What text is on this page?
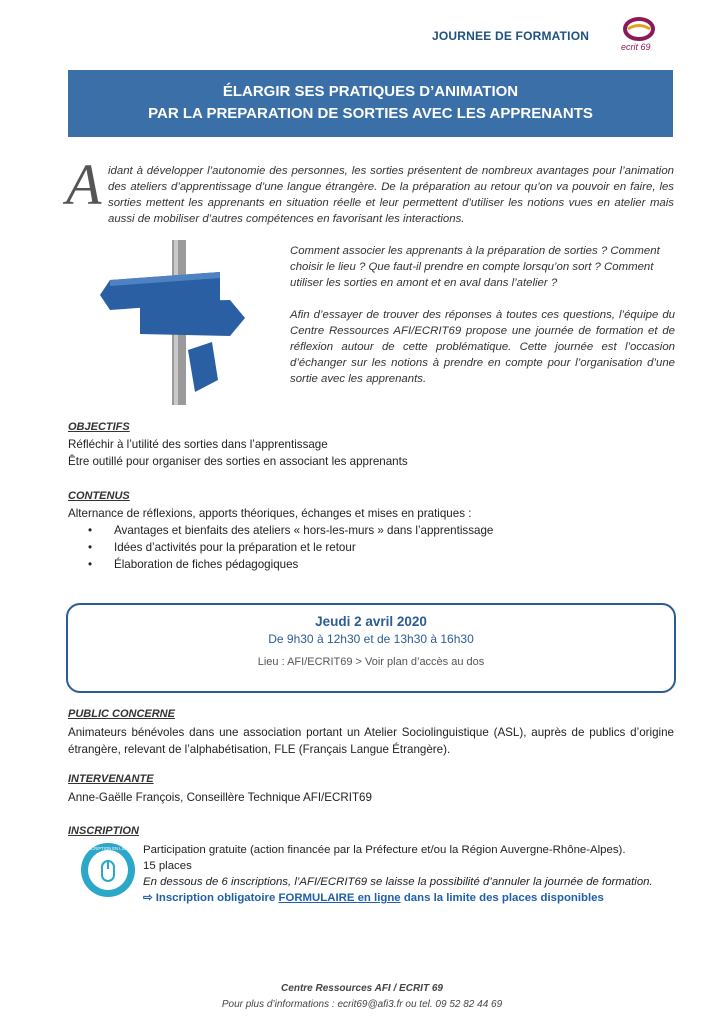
JOURNEE DE FORMATION
ecrit 69
ÉLARGIR SES PRATIQUES D’ANIMATION
PAR LA PREPARATION DE SORTIES AVEC LES APPRENANTS
A idant à développer l’autonomie des personnes, les sorties présentent de nombreux avantages pour l’animation des ateliers d’apprentissage d’une langue étrangère. De la préparation au retour qu’on va pouvoir en faire, les sorties mettent les apprenants en situation réelle et leur permettent d’utiliser les notions vues en atelier mais aussi de mobiliser d’autres compétences en favorisant les interactions.
Comment associer les apprenants à la préparation de sorties ? Comment choisir le lieu ? Que faut-il prendre en compte lorsqu’on sort ? Comment utiliser les sorties en amont et en aval dans l’atelier ?
Afin d’essayer de trouver des réponses à toutes ces questions, l’équipe du Centre Ressources AFI/ECRIT69 propose une journée de formation et de réflexion autour de cette problématique. Cette journée est l’occasion d’échanger sur les notions à prendre en compte pour l’organisation d’une sortie avec les apprenants.
OBJECTIFS
Réfléchir à l’utilité des sorties dans l’apprentissage
Être outillé pour organiser des sorties en associant les apprenants
CONTENUS
Alternance de réflexions, apports théoriques, échanges et mises en pratiques :
• Avantages et bienfaits des ateliers « hors-les-murs » dans l’apprentissage
• Idées d’activités pour la préparation et le retour
• Élaboration de fiches pédagogiques
Jeudi 2 avril 2020
De 9h30 à 12h30 et de 13h30 à 16h30
Lieu : AFI/ECRIT69 > Voir plan d’accès au dos
PUBLIC CONCERNE
Animateurs bénévoles dans une association portant un Atelier Sociolinguistique (ASL), auprès de publics d’origine étrangère, relevant de l’alphabétisation, FLE (Français Langue Étrangère).
INTERVENANTE
Anne-Gaëlle François, Conseillère Technique AFI/ECRIT69
INSCRIPTION
INSCRIPTION EN LIGNE Participation gratuite (action financée par la Préfecture et/ou la Région Auvergne-Rhône-Alpes).
15 places
En dessous de 6 inscriptions, l’AFI/ECRIT69 se laisse la possibilité d’annuler la journée de formation.
⇨ Inscription obligatoire FORMULAIRE en ligne dans la limite des places disponibles
Centre Ressources AFI / ECRIT 69
Pour plus d’informations : ecrit69@afi3.fr ou tel. 09 52 82 44 69
